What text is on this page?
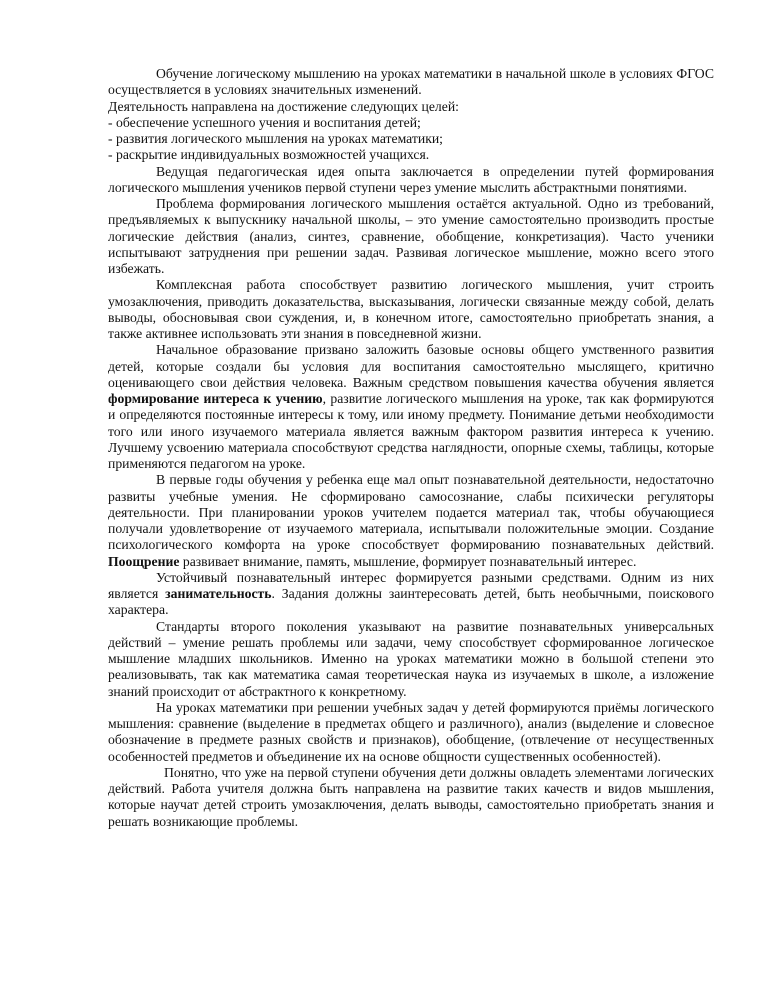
Обучение логическому мышлению на уроках математики в начальной школе в условиях ФГОС осуществляется в условиях значительных изменений.

Деятельность направлена на достижение следующих целей:

- обеспечение успешного учения и воспитания детей;

- развития логического мышления на уроках математики;

- раскрытие индивидуальных возможностей учащихся.

Ведущая педагогическая идея опыта заключается в определении путей формирования логического мышления учеников первой ступени через умение мыслить абстрактными понятиями.

Проблема формирования логического мышления остаётся актуальной. Одно из требований, предъявляемых к выпускнику начальной школы, – это умение самостоятельно производить простые логические действия (анализ, синтез, сравнение, обобщение, конкретизация). Часто ученики испытывают затруднения при решении задач. Развивая логическое мышление, можно всего этого избежать.

Комплексная работа способствует развитию логического мышления, учит строить умозаключения, приводить доказательства, высказывания, логически связанные между собой, делать выводы, обосновывая свои суждения, и, в конечном итоге, самостоятельно приобретать знания, а также активнее использовать эти знания в повседневной жизни.

Начальное образование призвано заложить базовые основы общего умственного развития детей, которые создали бы условия для воспитания самостоятельно мыслящего, критично оценивающего свои действия человека. Важным средством повышения качества обучения является формирование интереса к учению, развитие логического мышления на уроке, так как формируются и определяются постоянные интересы к тому, или иному предмету. Понимание детьми необходимости того или иного изучаемого материала является важным фактором развития интереса к учению. Лучшему усвоению материала способствуют средства наглядности, опорные схемы, таблицы, которые применяются педагогом на уроке.

В первые годы обучения у ребенка еще мал опыт познавательной деятельности, недостаточно развиты учебные умения. Не сформировано самосознание, слабы психически регуляторы деятельности. При планировании уроков учителем подается материал так, чтобы обучающиеся получали удовлетворение от изучаемого материала, испытывали положительные эмоции. Создание психологического комфорта на уроке способствует формированию познавательных действий. Поощрение развивает внимание, память, мышление, формирует познавательный интерес.

Устойчивый познавательный интерес формируется разными средствами. Одним из них является занимательность. Задания должны заинтересовать детей, быть необычными, поискового характера.

Стандарты второго поколения указывают на развитие познавательных универсальных действий – умение решать проблемы или задачи, чему способствует сформированное логическое мышление младших школьников. Именно на уроках математики можно в большой степени это реализовывать, так как математика самая теоретическая наука из изучаемых в школе, а изложение знаний происходит от абстрактного к конкретному.

На уроках математики при решении учебных задач у детей формируются приёмы логического мышления: сравнение (выделение в предметах общего и различного), анализ (выделение и словесное обозначение в предмете разных свойств и признаков), обобщение, (отвлечение от несущественных особенностей предметов и объединение их на основе общности существенных особенностей).

Понятно, что уже на первой ступени обучения дети должны овладеть элементами логических действий. Работа учителя должна быть направлена на развитие таких качеств и видов мышления, которые научат детей строить умозаключения, делать выводы, самостоятельно приобретать знания и решать возникающие проблемы.
